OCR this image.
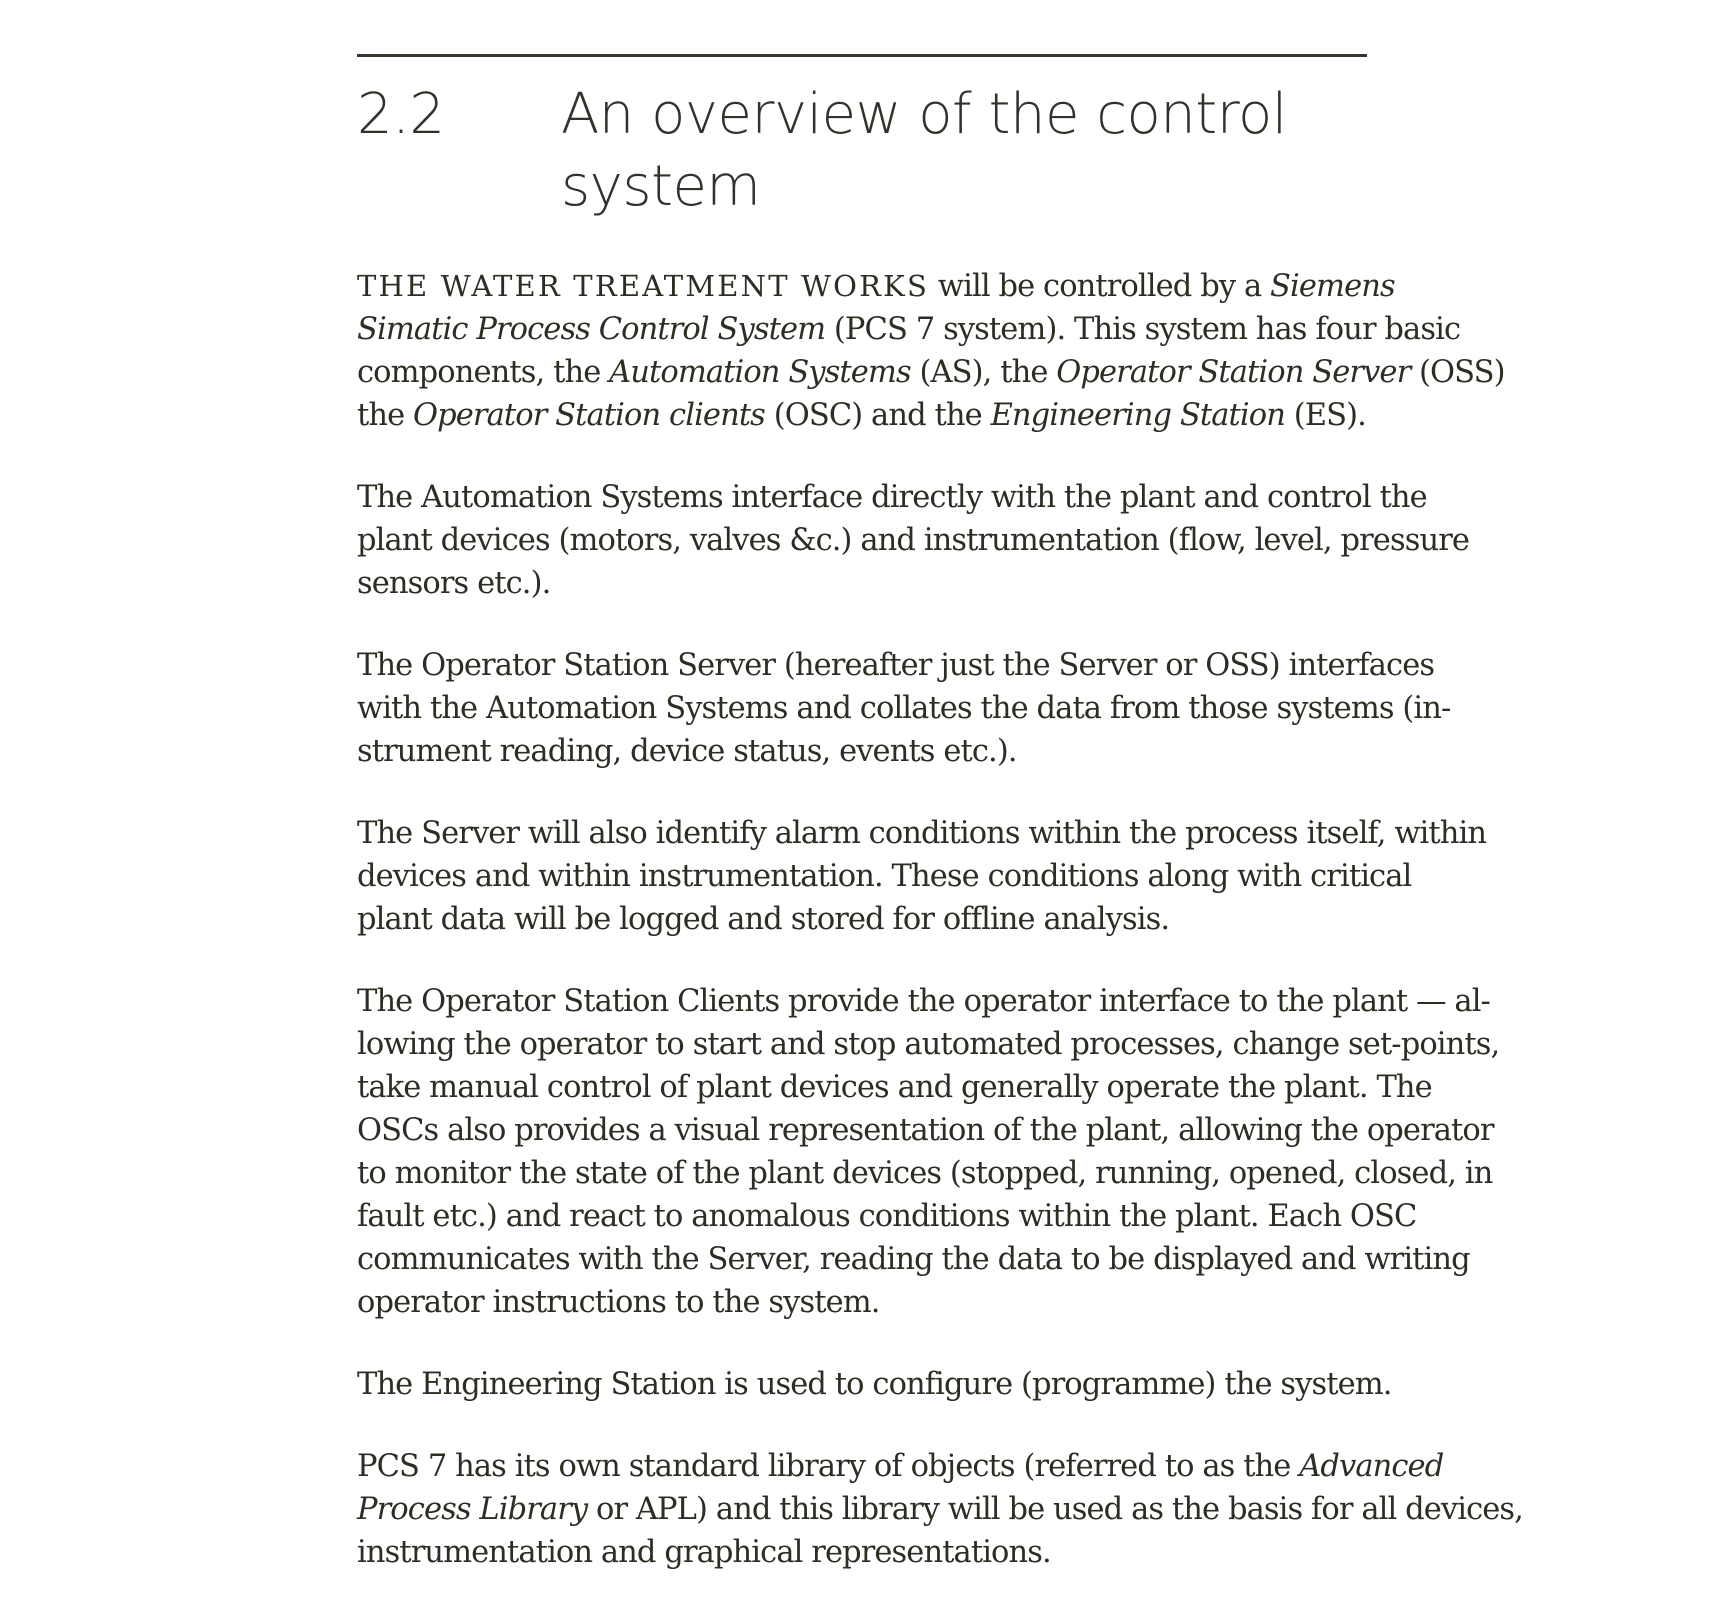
2.2	An overview of the control
system

THE WATER TREATMENT WORKS will be controlled by a Siemens
Simatic Process Control System (PCS 7 system). This system has four basic
components, the Automation Systems (AS), the Operator Station Server (OSS)
the Operator Station clients (OSC) and the Engineering Station (ES).

The Automation Systems interface directly with the plant and control the
plant devices (motors, valves &c.) and instrumentation (flow, level, pressure
sensors etc.).

The Operator Station Server (hereafter just the Server or OSS) interfaces
with the Automation Systems and collates the data from those systems (in-
strument reading, device status, events etc.).

The Server will also identify alarm conditions within the process itself, within
devices and within instrumentation. These conditions along with critical
plant data will be logged and stored for offline analysis.

The Operator Station Clients provide the operator interface to the plant — al-
lowing the operator to start and stop automated processes, change set-points,
take manual control of plant devices and generally operate the plant. The
OSCs also provides a visual representation of the plant, allowing the operator
to monitor the state of the plant devices (stopped, running, opened, closed, in
fault etc.) and react to anomalous conditions within the plant. Each OSC
communicates with the Server, reading the data to be displayed and writing
operator instructions to the system.

The Engineering Station is used to configure (programme) the system.

PCS 7 has its own standard library of objects (referred to as the Advanced
Process Library or APL) and this library will be used as the basis for all devices,
instrumentation and graphical representations.
